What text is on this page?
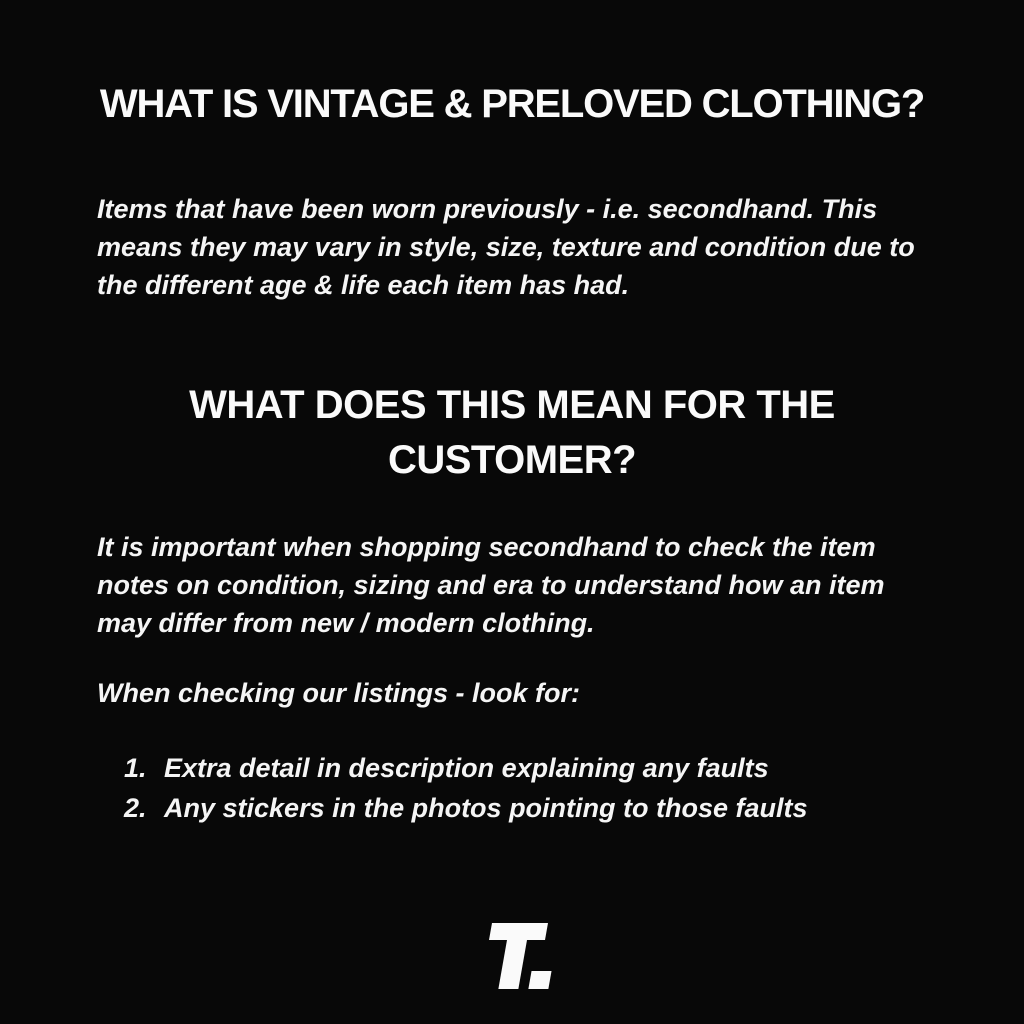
WHAT IS VINTAGE & PRELOVED CLOTHING?

Items that have been worn previously - i.e. secondhand. This means they may vary in style, size, texture and condition due to the different age & life each item has had.

WHAT DOES THIS MEAN FOR THE CUSTOMER?

It is important when shopping secondhand to check the item notes on condition, sizing and era to understand how an item may differ from new / modern clothing.

When checking our listings - look for:

1. Extra detail in description explaining any faults
2. Any stickers in the photos pointing to those faults
